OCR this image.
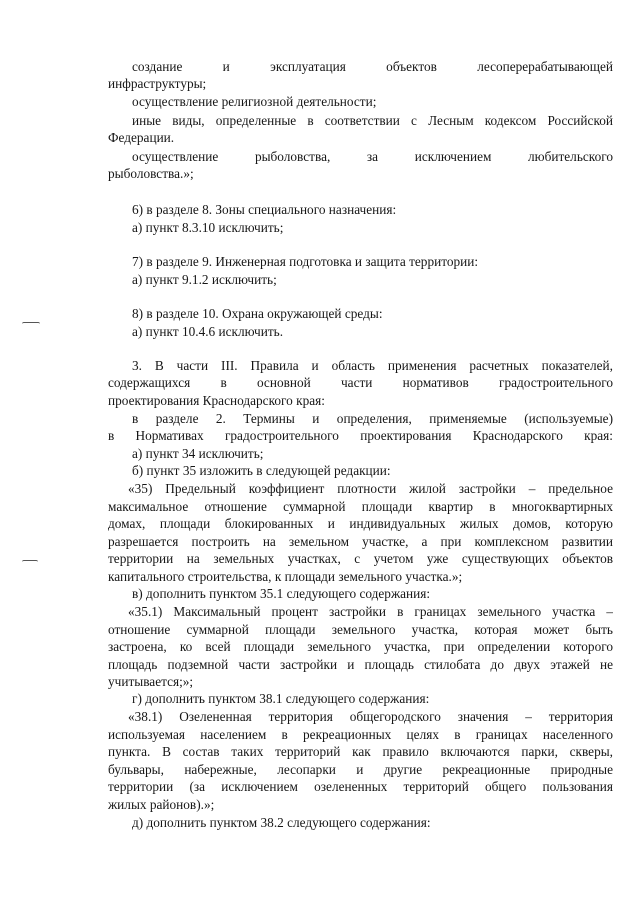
создание и эксплуатация объектов лесоперерабатывающей
инфраструктуры;
осуществление религиозной деятельности;
иные виды, определенные в соответствии с Лесным кодексом Российской
Федерации.
осуществление рыболовства, за исключением любительского
рыболовства.»;
6) в разделе 8. Зоны специального назначения:
а) пункт 8.3.10 исключить;
7) в разделе 9. Инженерная подготовка и защита территории:
а) пункт 9.1.2 исключить;
8) в разделе 10. Охрана окружающей среды:
а) пункт 10.4.6 исключить.
3. В части III. Правила и область применения расчетных показателей,
содержащихся в основной части нормативов градостроительного
проектирования Краснодарского края:
в разделе 2. Термины и определения, применяемые (используемые)
в Нормативах градостроительного проектирования Краснодарского края:
а) пункт 34 исключить;
б) пункт 35 изложить в следующей редакции:
«35) Предельный коэффициент плотности жилой застройки – предельное
максимальное отношение суммарной площади квартир в многоквартирных
домах, площади блокированных и индивидуальных жилых домов, которую
разрешается построить на земельном участке, а при комплексном развитии
территории на земельных участках, с учетом уже существующих объектов
капитального строительства, к площади земельного участка.»;
в) дополнить пунктом 35.1 следующего содержания:
«35.1) Максимальный процент застройки в границах земельного участка –
отношение суммарной площади земельного участка, которая может быть
застроена, ко всей площади земельного участка, при определении которого
площадь подземной части застройки и площадь стилобата до двух этажей не
учитывается;»;
г) дополнить пунктом 38.1 следующего содержания:
«38.1) Озелененная территория общегородского значения – территория
используемая населением в рекреационных целях в границах населенного
пункта. В состав таких территорий как правило включаются парки, скверы,
бульвары, набережные, лесопарки и другие рекреационные природные
территории (за исключением озелененных территорий общего пользования
жилых районов).»;
д) дополнить пунктом 38.2 следующего содержания:
